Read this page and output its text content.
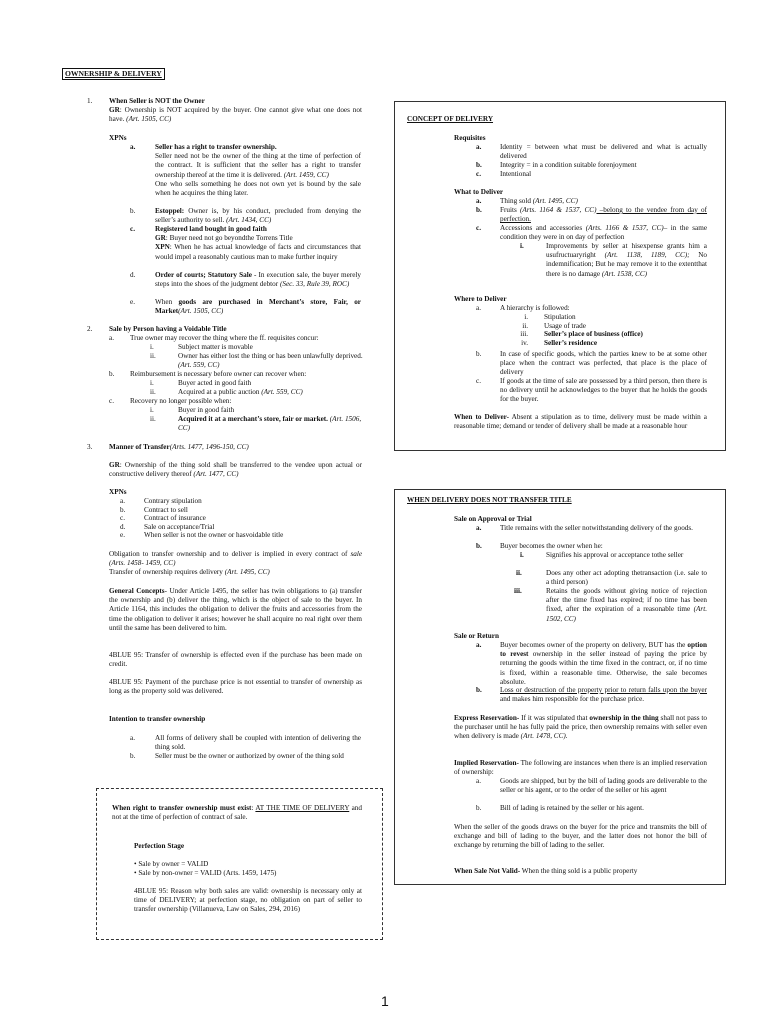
OWNERSHIP & DELIVERY
1. When Seller is NOT the Owner
GR: Ownership is NOT acquired by the buyer. One cannot give what one does not have. (Art. 1505, CC)
XPNs
a.	Seller has a right to transfer ownership.

Seller need not be the owner of the thing at the time of perfection of the contract. It is sufficient that the seller has a right to transfer ownership thereof at the time it is delivered. (Art. 1459, CC)

One who sells something he does not own yet is bound by the sale when he acquires the thing later.

b.	Estoppel: Owner is, by his conduct, precluded from denying the seller’s authority to sell. (Art. 1434, CC)
c.	Registered land bought in good faith

GR: Buyer need not go beyondthe Torrens Title

XPN: When he has actual knowledge of facts and circumstances that would impel a reasonably cautious man to make further inquiry

d.	Order of courts; Statutory Sale - In execution sale, the buyer merely steps into the shoes of the judgment debtor (Sec. 33, Rule 39, ROC)
e.	When goods are purchased in Merchant’s store, Fair, or Market(Art. 1505, CC)
2. Sale by Person having a Voidable Title
a. True owner may recover the thing where the ff. requisites concur:
i.	Subject matter is movable
ii.	Owner has either lost the thing or has been unlawfully deprived. (Art. 559, CC)
b. Reimbursement is necessary before owner can recover when:
i.	Buyer acted in good faith
ii.	Acquired at a public auction (Art. 559, CC)
c. Recovery no longer possible when:
i.	Buyer in good faith
ii.	Acquired it at a merchant’s store, fair or market. (Art. 1506, CC)
3. Manner of Transfer(Arts. 1477, 1496-150, CC)
GR: Ownership of the thing sold shall be transferred to the vendee upon actual or constructive delivery thereof (Art. 1477, CC)
XPNs
a.	Contrary stipulation
b.	Contract to sell
c.	Contract of insurance
d.	Sale on acceptance/Trial
e.	When seller is not the owner or hasvoidable title

Obligation to transfer ownership and to deliver is implied in every contract of sale (Arts. 1458- 1459, CC)

Transfer of ownership requires delivery (Art. 1495, CC)

General Concepts- Under Article 1495, the seller has twin obligations to (a) transfer the ownership and (b) deliver the thing, which is the object of sale to the buyer. In Article 1164, this includes the obligation to deliver the fruits and accessories from the time the obligation to deliver it arises; however he shall acquire no real right over them until the same has been delivered to him.
4BLUE 95: Transfer of ownership is effected even if the purchase has been made on credit.
4BLUE 95: Payment of the purchase price is not essential to transfer of ownership as long as the property sold was delivered.
Intention to transfer ownership
a.	All forms of delivery shall be coupled with intention of delivering the thing sold.
b.	Seller must be the owner or authorized by owner of the thing sold
When right to transfer ownership must exist: AT THE TIME OF DELIVERY and not at the time of perfection of contract of sale.
Perfection Stage
• Sale by owner = VALID
• Sale by non-owner = VALID (Arts. 1459, 1475)
4BLUE 95: Reason why both sales are valid: ownership is necessary only at time of DELIVERY; at perfection stage, no obligation on part of seller to transfer ownership (Villanueva, Law on Sales, 294, 2016)
CONCEPT OF DELIVERY
Requisites
a.	Identity = between what must be delivered and what is actually delivered
b.	Integrity = in a condition suitable forenjoyment
c.	Intentional
What to Deliver
a.	Thing sold (Art. 1495, CC)
b.	Fruits (Arts. 1164 & 1537, CC) –belong to the vendee from day of perfection.
c.	Accessions and accessories (Arts. 1166 & 1537, CC)– in the same condition they were in on day of perfection
i.	Improvements by seller at hisexpense grants him a usufructuaryright (Art. 1138, 1189, CC); No indemnification; But he may remove it to the extentthat there is no damage (Art. 1538, CC)
Where to Deliver
a.	A hierarchy is followed:
i. Stipulation
ii. Usage of trade
iii. Seller’s place of business (office)
iv. Seller’s residence
b.	In case of specific goods, which the parties knew to be at some other place when the contract was perfected, that place is the place of delivery
c.	If goods at the time of sale are possessed by a third person, then there is no delivery until he acknowledges to the buyer that he holds the goods for the buyer.
When to Deliver- Absent a stipulation as to time, delivery must be made within a reasonable time; demand or tender of delivery shall be made at a reasonable hour
WHEN DELIVERY DOES NOT TRANSFER TITLE
Sale on Approval or Trial
a.	Title remains with the seller notwithstanding delivery of the goods.
b.	Buyer becomes the owner when he:
i.	Signifies his approval or acceptance tothe seller
ii.	Does any other act adopting thetransaction (i.e. sale to a third person)
iii.	Retains the goods without giving notice of rejection after the time fixed has expired; if no time has been fixed, after the expiration of a reasonable time (Art. 1502, CC)
Sale or Return
a.	Buyer becomes owner of the property on delivery, BUT has the option to revest ownership in the seller instead of paying the price by returning the goods within the time fixed in the contract, or, if no time is fixed, within a reasonable time. Otherwise, the sale becomes absolute.
b.	Loss or destruction of the property prior to return falls upon the buyer and makes him responsible for the purchase price.
Express Reservation- If it was stipulated that ownership in the thing shall not pass to the purchaser until he has fully paid the price, then ownership remains with seller even when delivery is made (Art. 1478, CC).
Implied Reservation- The following are instances when there is an implied reservation of ownership:
a.	Goods are shipped, but by the bill of lading goods are deliverable to the seller or his agent, or to the order of the seller or his agent
b.	Bill of lading is retained by the seller or his agent.
When the seller of the goods draws on the buyer for the price and transmits the bill of exchange and bill of lading to the buyer, and the latter does not honor the bill of exchange by returning the bill of lading to the seller.
When Sale Not Valid- When the thing sold is a public property
1
